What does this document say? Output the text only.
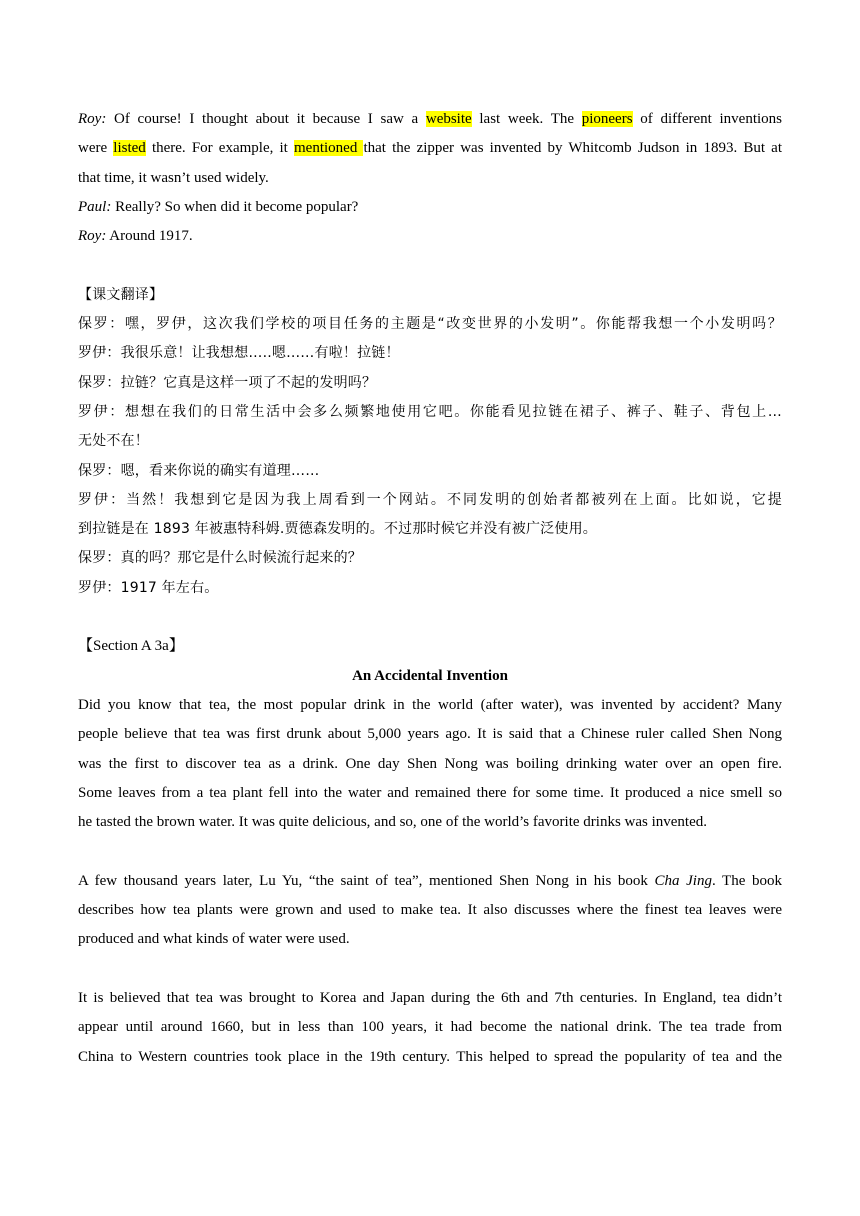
Roy: Of course! I thought about it because I saw a website last week. The pioneers of different inventions
were listed there. For example, it mentioned that the zipper was invented by Whitcomb Judson in 1893. But at
that time, it wasn’t used widely.
Paul: Really? So when did it become popular?
Roy: Around 1917.
【课文翻译】
保罗：嘿，罗伊，这次我们学校的项目任务的主题是“改变世界的小发明”。你能帮我想一个小发明吗？
罗伊：我很乐意！让我想想…..嗯……有啦！拉链！
保罗：拉链？它真是这样一项了不起的发明吗？
罗伊：想想在我们的日常生活中会多么频繁地使用它吧。你能看见拉链在裙子、裤子、鞋子、背包上…
无处不在！
保罗：嗯，看来你说的确实有道理……
罗伊：当然！我想到它是因为我上周看到一个网站。不同发明的创始者都被列在上面。比如说，它提
到拉链是在 1893 年被惠特科姆.贾德森发明的。不过那时候它并没有被广泛使用。
保罗：真的吗？那它是什么时候流行起来的？
罗伊：1917 年左右。
【Section A 3a】
An Accidental Invention
Did you know that tea, the most popular drink in the world (after water), was invented by accident? Many
people believe that tea was first drunk about 5,000 years ago. It is said that a Chinese ruler called Shen Nong
was the first to discover tea as a drink. One day Shen Nong was boiling drinking water over an open fire.
Some leaves from a tea plant fell into the water and remained there for some time. It produced a nice smell so
he tasted the brown water. It was quite delicious, and so, one of the world’s favorite drinks was invented.
A few thousand years later, Lu Yu, “the saint of tea”, mentioned Shen Nong in his book Cha Jing. The book
describes how tea plants were grown and used to make tea. It also discusses where the finest tea leaves were
produced and what kinds of water were used.
It is believed that tea was brought to Korea and Japan during the 6th and 7th centuries. In England, tea didn’t
appear until around 1660, but in less than 100 years, it had become the national drink. The tea trade from
China to Western countries took place in the 19th century. This helped to spread the popularity of tea and the
